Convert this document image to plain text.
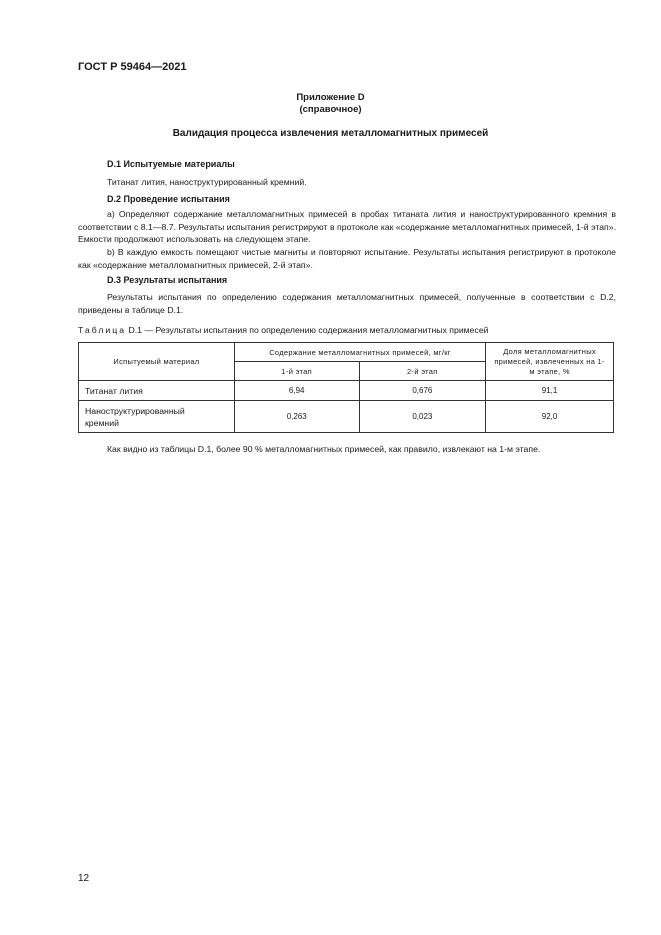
ГОСТ Р 59464—2021
Приложение D
(справочное)
Валидация процесса извлечения металломагнитных примесей
D.1 Испытуемые материалы
Титанат лития, наноструктурированный кремний.
D.2 Проведение испытания
а) Определяют содержание металломагнитных примесей в пробах титаната лития и наноструктурированного кремния в соответствии с 8.1—8.7. Результаты испытания регистрируют в протоколе как «содержание металломагнитных примесей, 1-й этап». Емкости продолжают использовать на следующем этапе.
b) В каждую емкость помещают чистые магниты и повторяют испытание. Результаты испытания регистрируют в протоколе как «содержание металломагнитных примесей, 2-й этап».
D.3 Результаты испытания
Результаты испытания по определению содержания металломагнитных примесей, полученные в соответствии с D.2, приведены в таблице D.1.
Таблица D.1 — Результаты испытания по определению содержания металломагнитных примесей
Испытуемый материал	Содержание металломагнитных примесей, мг/кг		Доля металломагнитных примесей, извлеченных на 1-м этапе, %
	1-й этап	2-й этап	
Титанат лития	6,94	0,676	91,1
Наноструктурированный кремний	0,263	0,023	92,0
Как видно из таблицы D.1, более 90 % металломагнитных примесей, как правило, извлекают на 1-м этапе.
12
